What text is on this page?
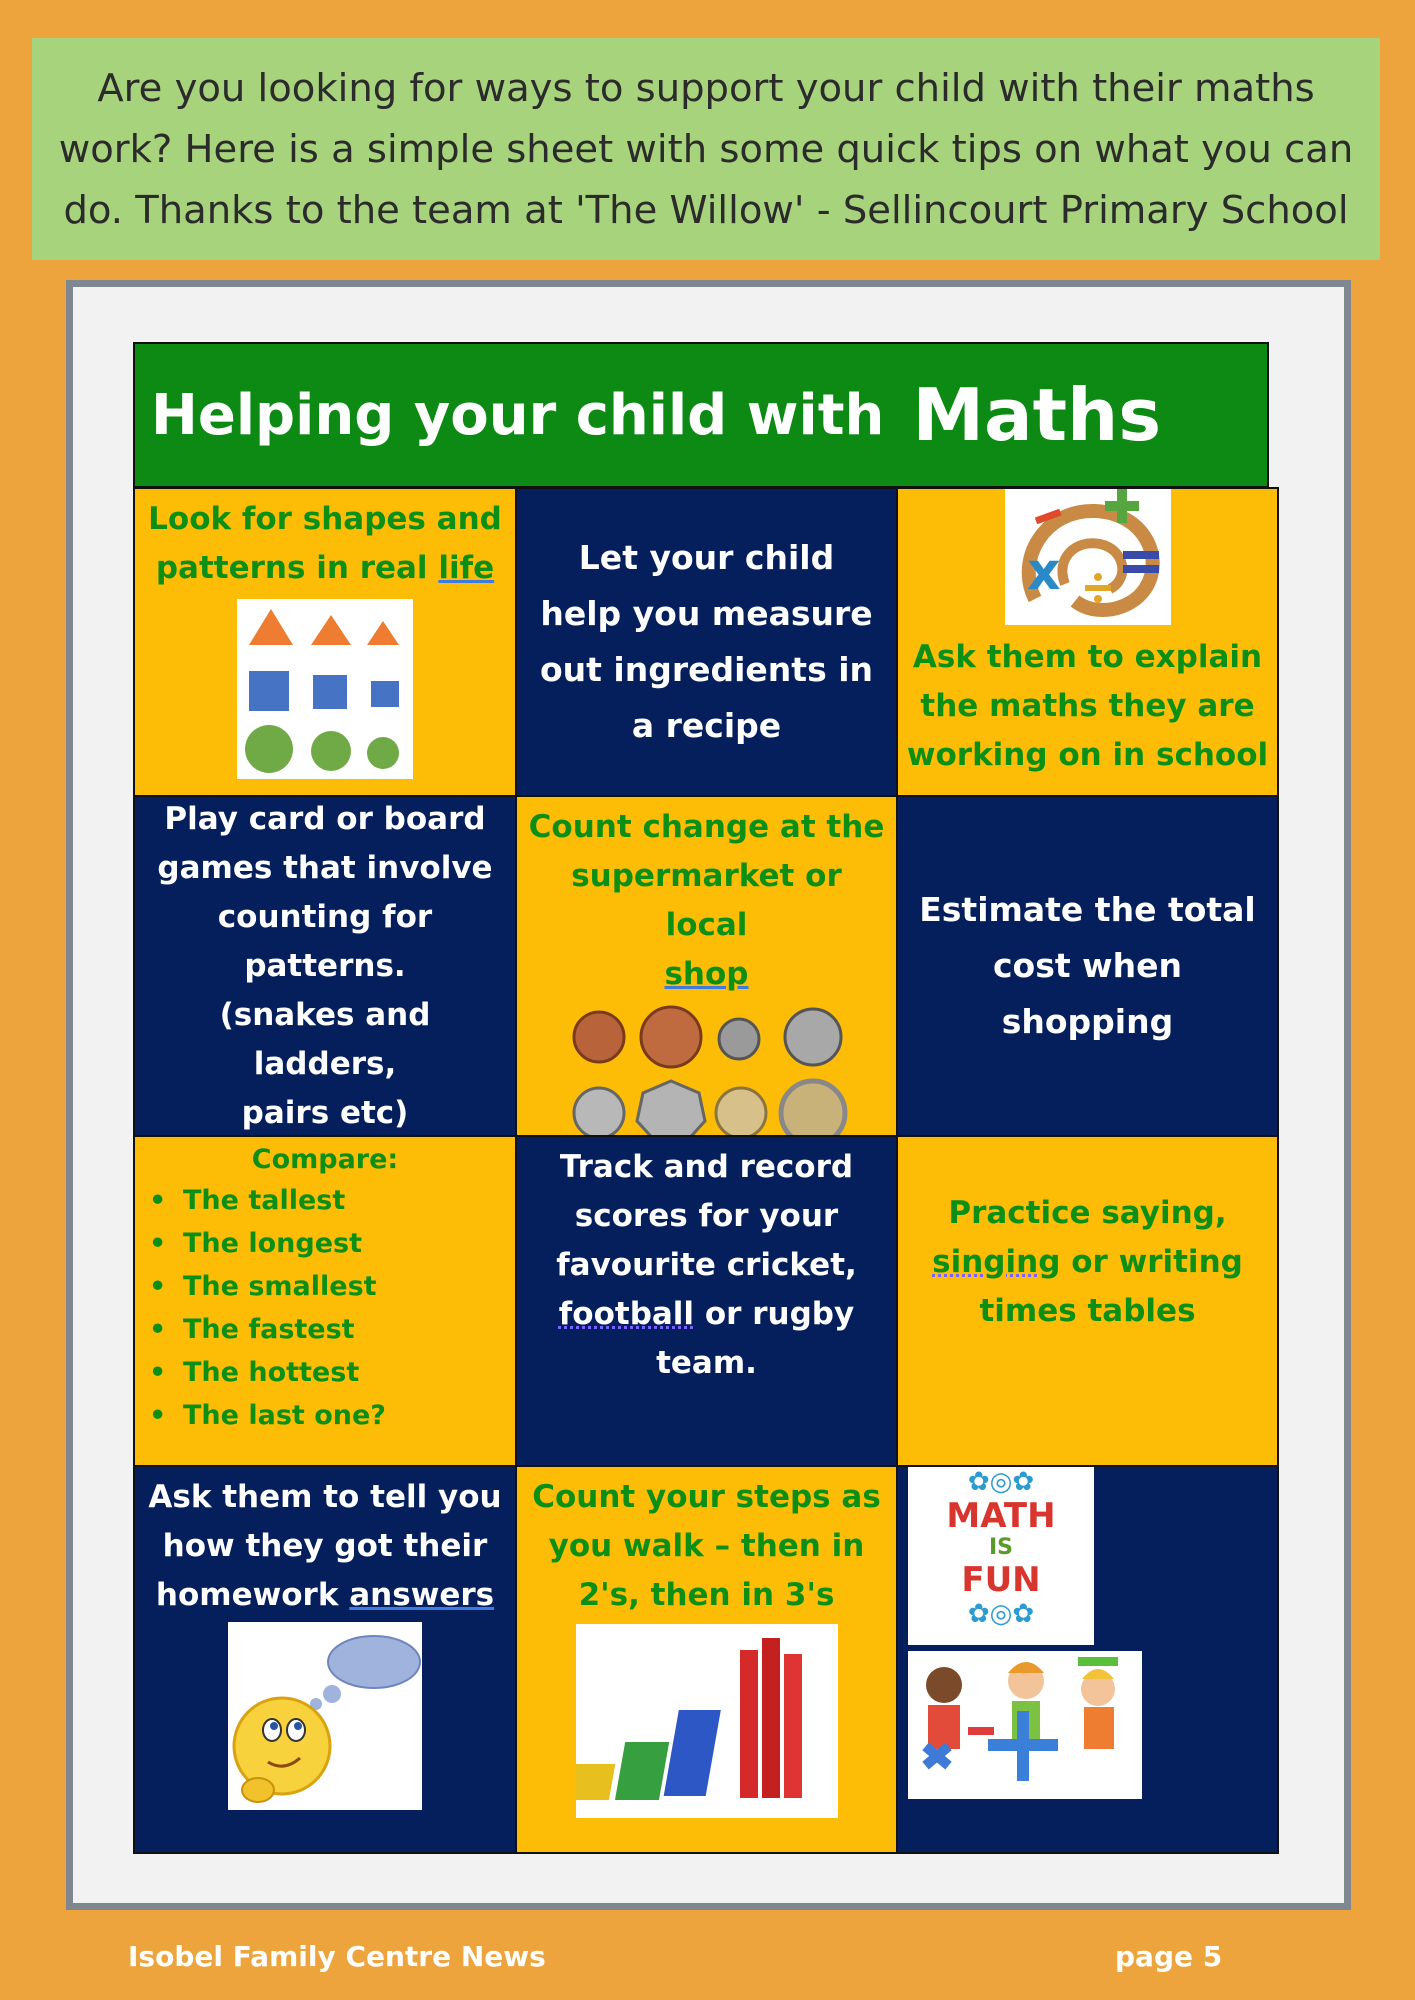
Are you looking for ways to support your child with their maths
work? Here is a simple sheet with some quick tips on what you can
do. Thanks to the team at 'The Willow' - Sellincourt Primary School
Helping your child with Maths
Look for shapes and patterns in real life	Let your child
help you measure
out ingredients in
a recipe
x
Ask them to explain
the maths they are
working on in school
Play card or board
games that involve
counting for
patterns.
(snakes and ladders,
pairs etc)
Count change at the
supermarket or local
shop
Estimate the total
cost when shopping
Compare:
• The tallest
• The longest
• The smallest
• The fastest
• The hottest
• The last one?
Track and record
scores for your
favourite cricket,
football or rugby
team.
Practice saying,
singing or writing
times tables
Ask them to tell you
how they got their
homework answers
Count your steps as
you walk – then in
2's, then in 3's
✿◎✿
MATH
IS
FUN
✿◎✿
Isobel Family Centre News	page 5
